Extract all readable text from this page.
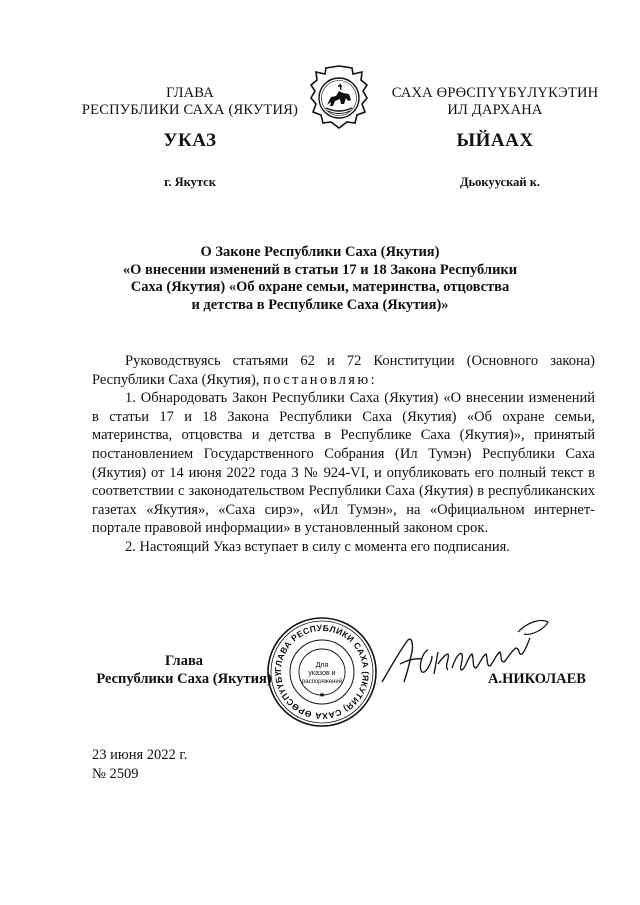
ГЛАВА
РЕСПУБЛИКИ САХА (ЯКУТИЯ)
САХА ӨРӨСПҮҮБҮЛҮКЭТИН
ИЛ ДАРХАНА
УКАЗ	ЫЙААХ
г. Якутск	Дьокуускай к.
О Законе Республики Саха (Якутия)
«О внесении изменений в статьи 17 и 18 Закона Республики
Саха (Якутия) «Об охране семьи, материнства, отцовства
и детства в Республике Саха (Якутия)»

Руководствуясь статьями 62 и 72 Конституции (Основного закона) Республики Саха (Якутия), постановляю:

1. Обнародовать Закон Республики Саха (Якутия) «О внесении изменений в статьи 17 и 18 Закона Республики Саха (Якутия) «Об охране семьи, материнства, отцовства и детства в Республике Саха (Якутия)», принятый постановлением Государственного Собрания (Ил Тумэн) Республики Саха (Якутия) от 14 июня 2022 года З № 924-VI, и опубликовать его полный текст в соответствии с законодательством Республики Саха (Якутия) в республиканских газетах «Якутия», «Саха сирэ», «Ил Тумэн», на «Официальном интернет-портале правовой информации» в установленный законом срок.

2. Настоящий Указ вступает в силу с момента его подписания.

Глава
Республики Саха (Якутия)
ГЛАВА РЕСПУБЛИКИ САХА (ЯКУТИЯ) САХА ӨРӨСПҮҮБҮ
Для
указов и
распоряжений
✱
А.НИКОЛАЕВ
23 июня 2022 г.
№ 2509
